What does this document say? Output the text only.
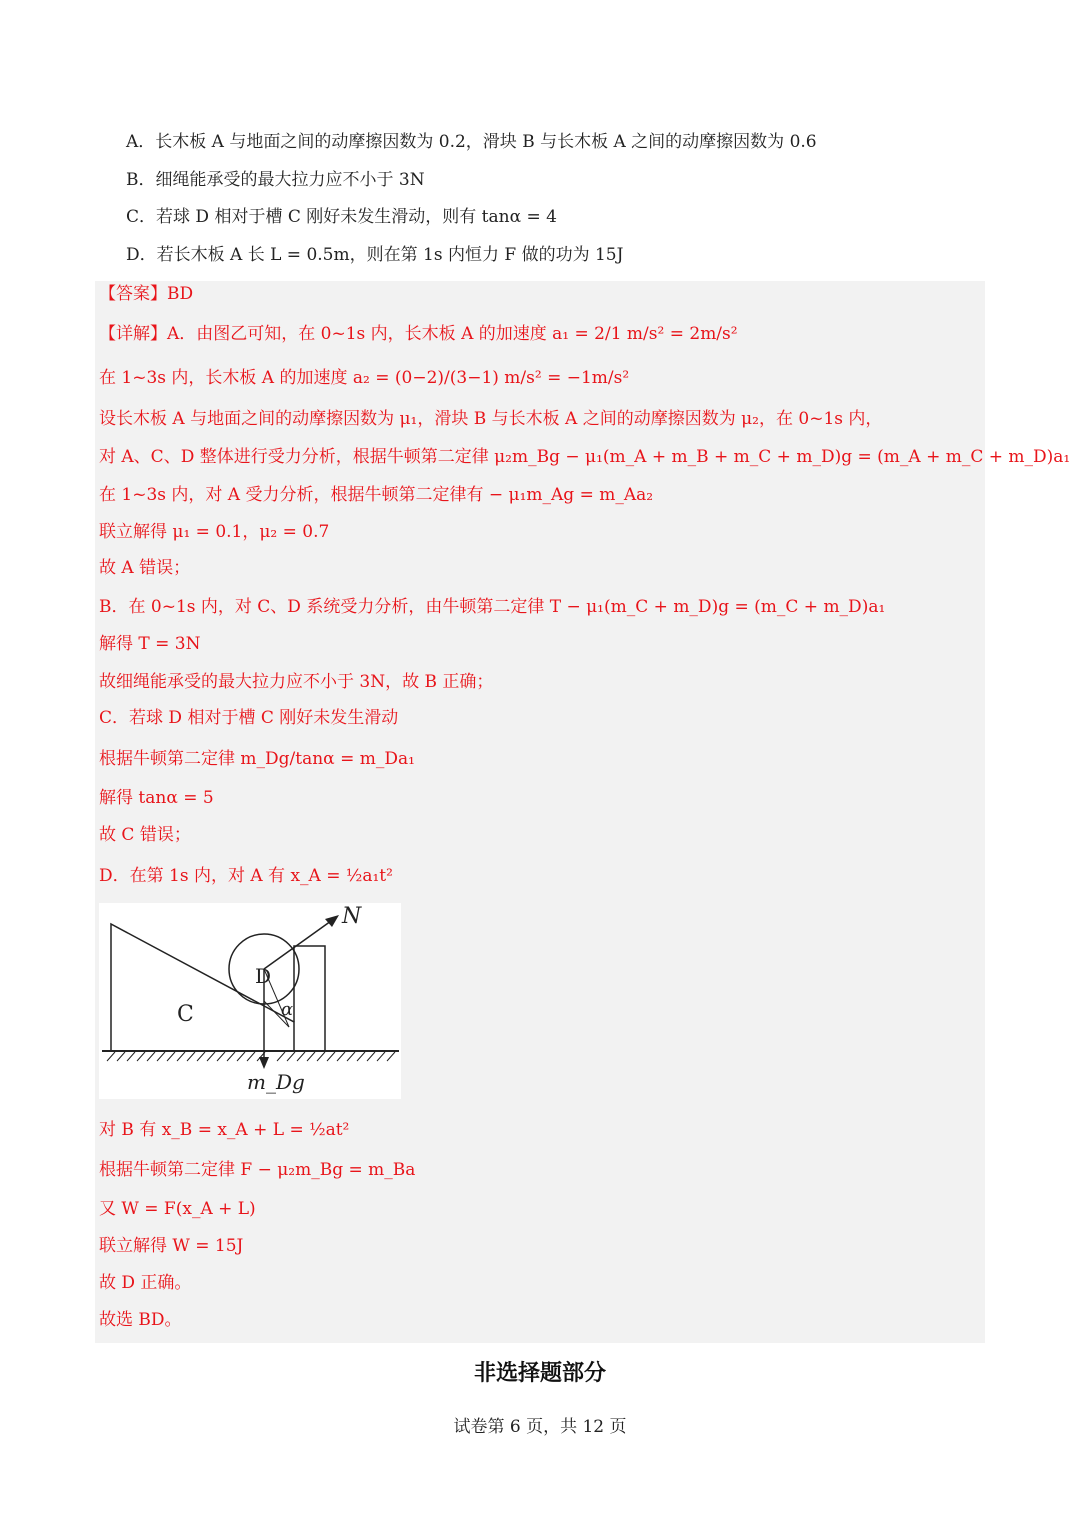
A．长木板 A 与地面之间的动摩擦因数为 0.2，滑块 B 与长木板 A 之间的动摩擦因数为 0.6
B．细绳能承受的最大拉力应不小于 3N
C．若球 D 相对于槽 C 刚好未发生滑动，则有 tanα = 4
D．若长木板 A 长 L = 0.5m，则在第 1s 内恒力 F 做的功为 15J
【答案】BD
【详解】A．由图乙可知，在 0~1s 内，长木板 A 的加速度 a₁ = 2/1 m/s² = 2m/s²
在 1~3s 内，长木板 A 的加速度 a₂ = (0−2)/(3−1) m/s² = −1m/s²
设长木板 A 与地面之间的动摩擦因数为 μ₁，滑块 B 与长木板 A 之间的动摩擦因数为 μ₂，在 0~1s 内，
对 A、C、D 整体进行受力分析，根据牛顿第二定律 μ₂m_Bg − μ₁(m_A + m_B + m_C + m_D)g = (m_A + m_C + m_D)a₁
在 1~3s 内，对 A 受力分析，根据牛顿第二定律有 − μ₁m_Ag = m_Aa₂
联立解得 μ₁ = 0.1，μ₂ = 0.7
故 A 错误；
B．在 0~1s 内，对 C、D 系统受力分析，由牛顿第二定律 T − μ₁(m_C + m_D)g = (m_C + m_D)a₁
解得 T = 3N
故细绳能承受的最大拉力应不小于 3N，故 B 正确；
C．若球 D 相对于槽 C 刚好未发生滑动
根据牛顿第二定律 m_Dg/tanα = m_Da₁
解得 tanα = 5
故 C 错误；
D．在第 1s 内，对 A 有 x_A = ½a₁t²
C
D
N
α
m_Dg
对 B 有 x_B = x_A + L = ½at²
根据牛顿第二定律 F − μ₂m_Bg = m_Ba
又 W = F(x_A + L)
联立解得 W = 15J
故 D 正确。
故选 BD。
非选择题部分
试卷第 6 页，共 12 页
